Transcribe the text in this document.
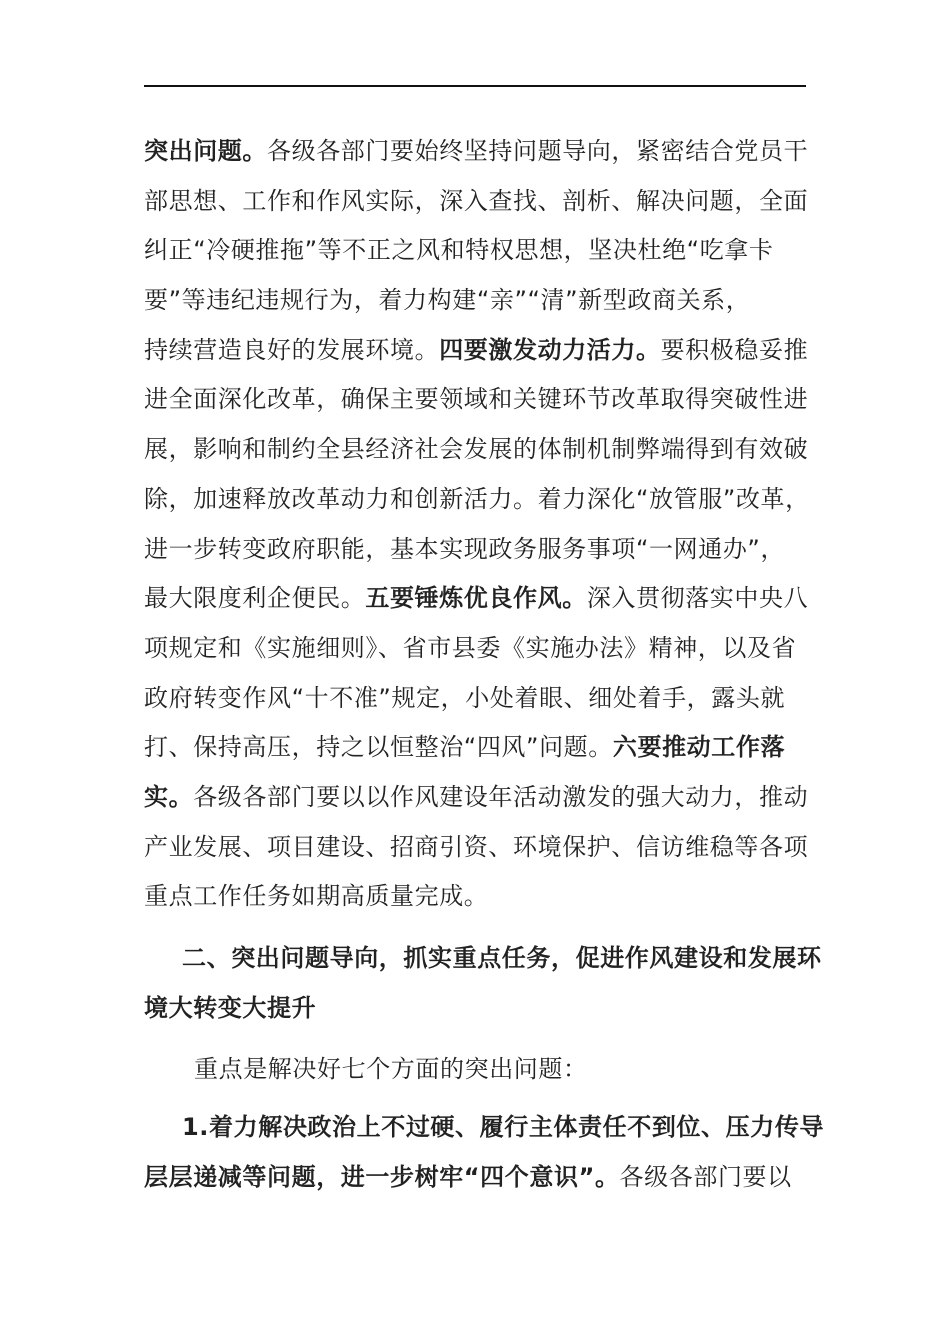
突出问题。各级各部门要始终坚持问题导向，紧密结合党员干
部思想、工作和作风实际，深入查找、剖析、解决问题，全面
纠正“冷硬推拖”等不正之风和特权思想，坚决杜绝“吃拿卡
要”等违纪违规行为，着力构建“亲”“清”新型政商关系，
持续营造良好的发展环境。四要激发动力活力。要积极稳妥推
进全面深化改革，确保主要领域和关键环节改革取得突破性进
展，影响和制约全县经济社会发展的体制机制弊端得到有效破
除，加速释放改革动力和创新活力。着力深化“放管服”改革，
进一步转变政府职能，基本实现政务服务事项“一网通办”，
最大限度利企便民。五要锤炼优良作风。深入贯彻落实中央八
项规定和《实施细则》、省市县委《实施办法》精神，以及省
政府转变作风“十不准”规定，小处着眼、细处着手，露头就
打、保持高压，持之以恒整治“四风”问题。六要推动工作落
实。各级各部门要以以作风建设年活动激发的强大动力，推动
产业发展、项目建设、招商引资、环境保护、信访维稳等各项
重点工作任务如期高质量完成。
二、突出问题导向，抓实重点任务，促进作风建设和发展环
境大转变大提升
重点是解决好七个方面的突出问题：
1.着力解决政治上不过硬、履行主体责任不到位、压力传导
层层递减等问题，进一步树牢“四个意识”。各级各部门要以
